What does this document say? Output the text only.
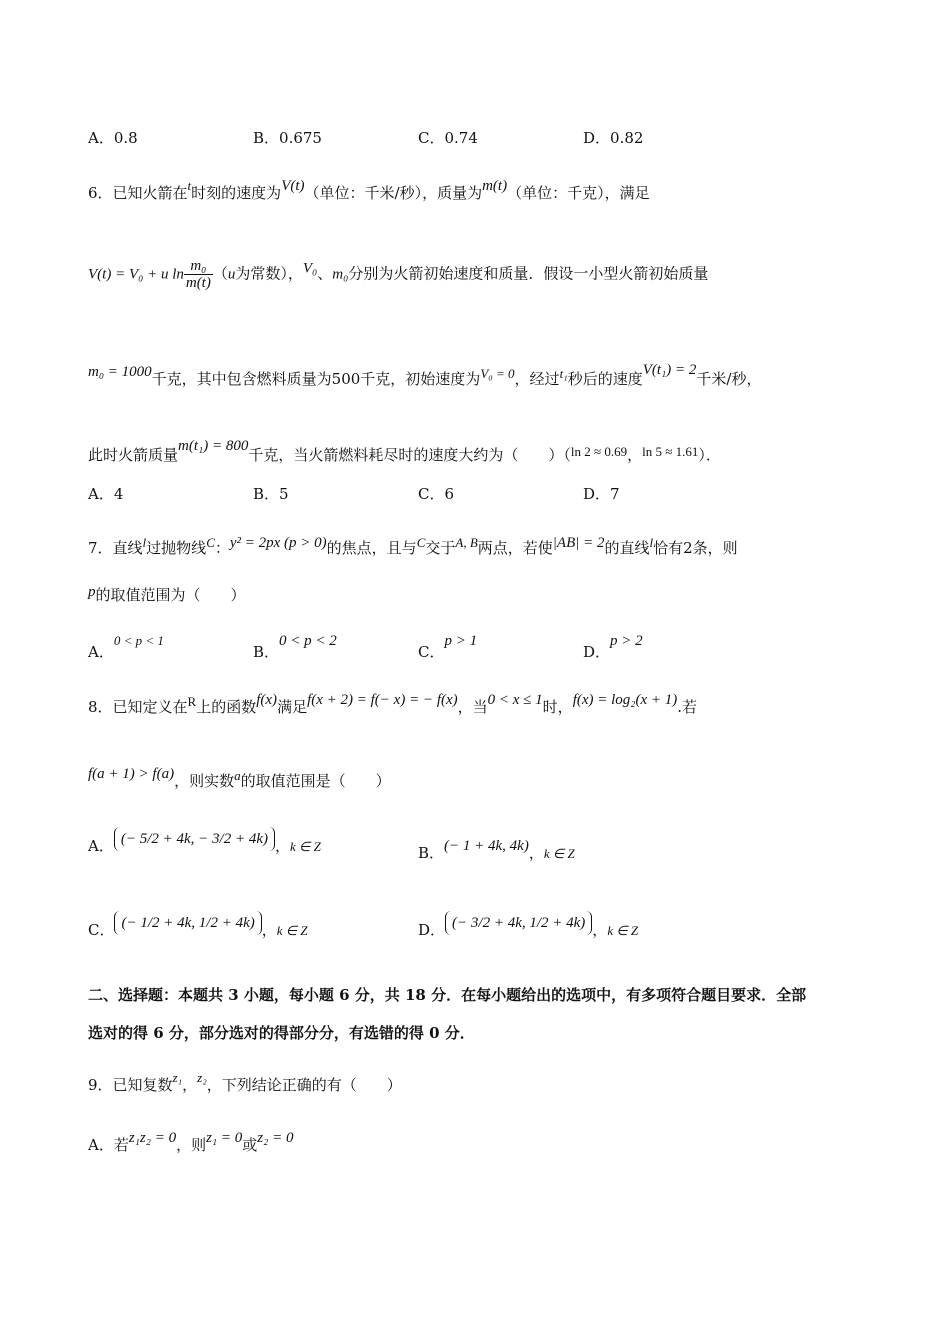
A．0.8	B．0.675	C．0.74	D．0.82
6．已知火箭在t时刻的速度为V(t)（单位：千米/秒），质量为m(t)（单位：千克），满足
V(t) = V₀ + u $\ln \frac{\text{m₀}}{m(t)} (u$为常数），V₀、m₀分别为火箭初始速度和质量．假设一小型火箭初始质量
m₀ = 1000千克，其中包含燃料质量为500千克，初始速度为V₀ = 0，经过t₁秒后的速度V(t₁) = 2千米/秒，
此时火箭质量m(t₁) = 800千克，当火箭燃料耗尽时的速度大约为（　　）（ln 2 ≈ 0.69，ln 5 ≈ 1.61）．
A．4	B．5	C．6	D．7
7．直线l过抛物线C：y² = 2px (p > 0)的焦点，且与C交于A, B两点，若使|AB| = 2的直线l恰有2条，则
p的取值范围为（　　）
A．0 < p < 1
B．0 < p < 2
C．p > 1
D．p > 2
8．已知定义在R上的函数f(x)满足f(x + 2) = f(− x) = − f(x)，当0 < x ≤ 1时，f(x) = log₂(x + 1).若
f(a + 1) > f(a)，则实数a的取值范围是（　　）
A． (− 5/2 + 4k, − 3/2 + 4k) ，k ∈ Z	B．(− 1 + 4k, 4k)，k ∈ Z
C． (− 1/2 + 4k, 1/2 + 4k) ，k ∈ Z	D． (− 3/2 + 4k, 1/2 + 4k) ，k ∈ Z
二、选择题：本题共 3 小题，每小题 6 分，共 18 分．在每小题给出的选项中，有多项符合题目要求．全部
选对的得 6 分，部分选对的得部分分，有选错的得 0 分．
9．已知复数z₁，z₂，下列结论正确的有（　　）
A．若z₁z₂ = 0，则z₁ = 0或z₂ = 0
